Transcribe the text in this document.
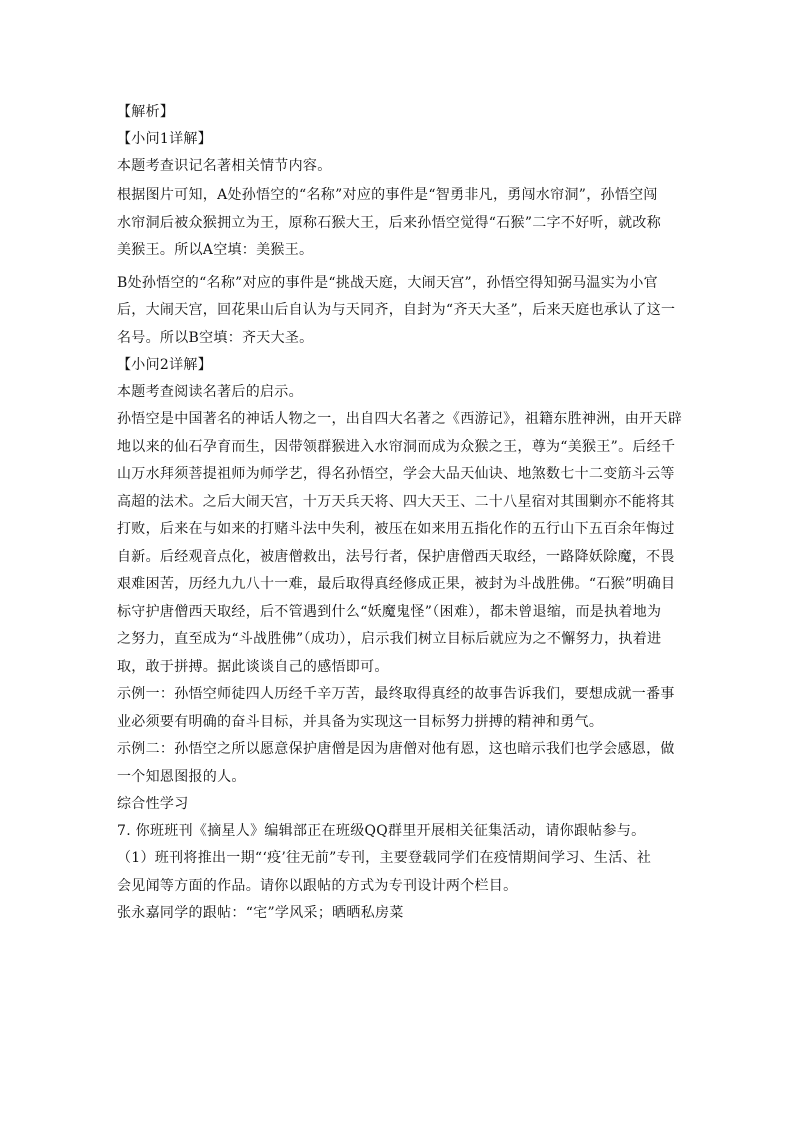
【解析】
【小问1详解】
本题考查识记名著相关情节内容。
根据图片可知，A处孙悟空的“名称”对应的事件是“智勇非凡，勇闯水帘洞”，孙悟空闯
水帘洞后被众猴拥立为王，原称石猴大王，后来孙悟空觉得“石猴”二字不好听，就改称
美猴王。所以A空填：美猴王。
B处孙悟空的“名称”对应的事件是“挑战天庭，大闹天宫”，孙悟空得知弼马温实为小官
后，大闹天宫，回花果山后自认为与天同齐，自封为“齐天大圣”，后来天庭也承认了这一
名号。所以B空填：齐天大圣。
【小问2详解】
本题考查阅读名著后的启示。
孙悟空是中国著名的神话人物之一，出自四大名著之《西游记》，祖籍东胜神洲，由开天辟
地以来的仙石孕育而生，因带领群猴进入水帘洞而成为众猴之王，尊为“美猴王”。后经千
山万水拜须菩提祖师为师学艺，得名孙悟空，学会大品天仙诀、地煞数七十二变筋斗云等
高超的法术。之后大闹天宫，十万天兵天将、四大天王、二十八星宿对其围剿亦不能将其
打败，后来在与如来的打赌斗法中失利，被压在如来用五指化作的五行山下五百余年悔过
自新。后经观音点化，被唐僧救出，法号行者，保护唐僧西天取经，一路降妖除魔，不畏
艰难困苦，历经九九八十一难，最后取得真经修成正果，被封为斗战胜佛。“石猴”明确目
标守护唐僧西天取经，后不管遇到什么“妖魔鬼怪”（困难），都未曾退缩，而是执着地为
之努力，直至成为“斗战胜佛”（成功），启示我们树立目标后就应为之不懈努力，执着进
取，敢于拼搏。据此谈谈自己的感悟即可。
示例一：孙悟空师徒四人历经千辛万苦，最终取得真经的故事告诉我们，要想成就一番事
业必须要有明确的奋斗目标，并具备为实现这一目标努力拼搏的精神和勇气。
示例二：孙悟空之所以愿意保护唐僧是因为唐僧对他有恩，这也暗示我们也学会感恩，做
一个知恩图报的人。
综合性学习
7. 你班班刊《摘星人》编辑部正在班级QQ群里开展相关征集活动，请你跟帖参与。
（1）班刊将推出一期“‘疫’往无前”专刊，主要登载同学们在疫情期间学习、生活、社
会见闻等方面的作品。请你以跟帖的方式为专刊设计两个栏目。
张永嘉同学的跟帖：“宅”学风采；晒晒私房菜
